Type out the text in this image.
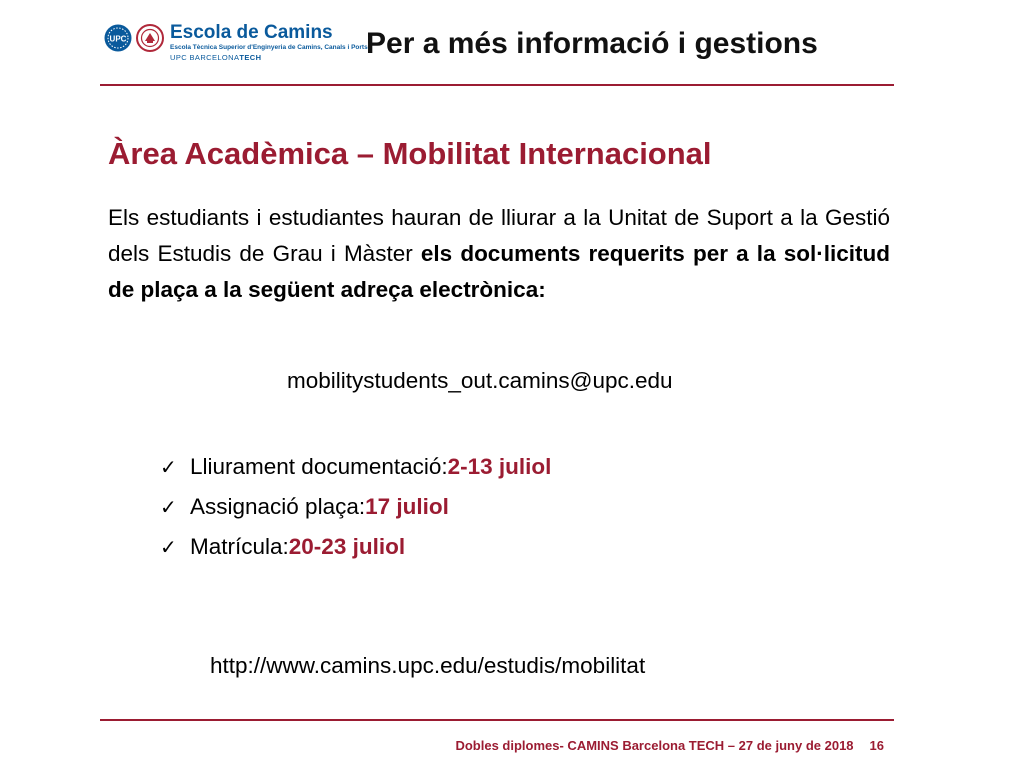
UPC Escola de Camins
Escola Tècnica Superior d'Enginyeria de Camins, Canals i Ports
UPC BARCELONATECH	Per a més informació i gestions
Àrea Acadèmica – Mobilitat Internacional
Els estudiants i estudiantes hauran de lliurar a la Unitat de Suport a la Gestió dels Estudis de Grau i Màster els documents requerits per a la sol·licitud de plaça a la següent adreça electrònica:
mobilitystudents_out.camins@upc.edu
✓ Lliurament documentació: 2-13 juliol
✓ Assignació plaça: 17 juliol
✓ Matrícula: 20-23 juliol
http://www.camins.upc.edu/estudis/mobilitat
Dobles diplomes- CAMINS Barcelona TECH – 27 de juny de 2018 16
